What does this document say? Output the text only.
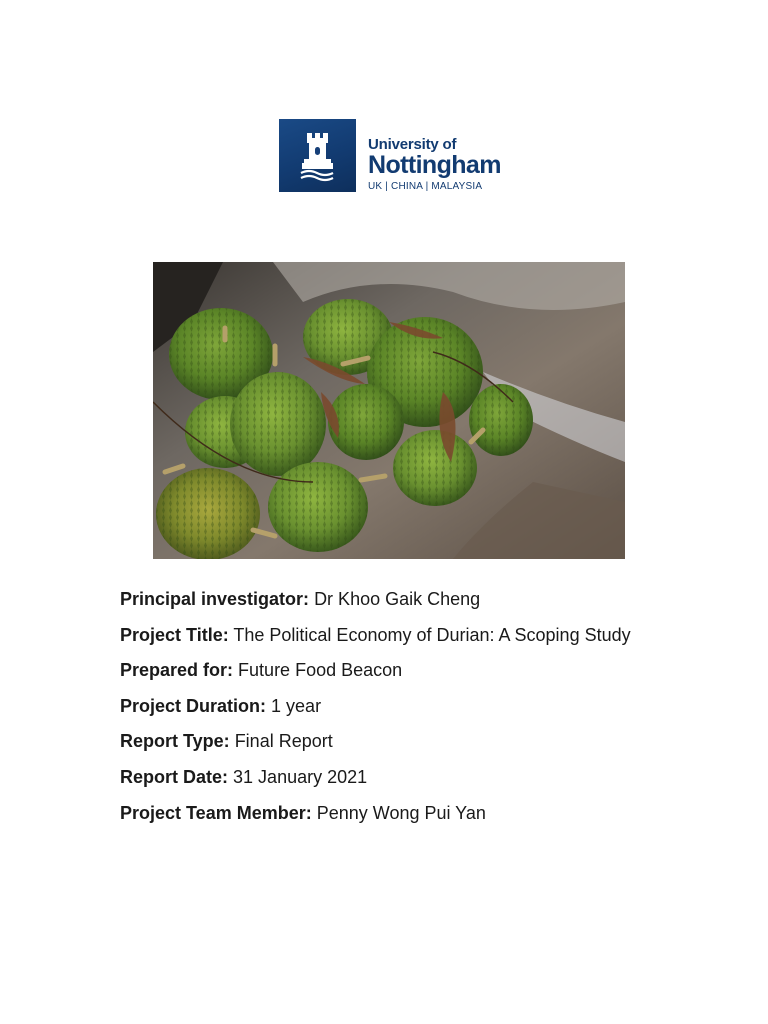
University of
Nottingham
UK | CHINA | MALAYSIA
Principal investigator: Dr Khoo Gaik Cheng
Project Title: The Political Economy of Durian: A Scoping Study
Prepared for: Future Food Beacon
Project Duration: 1 year
Report Type: Final Report
Report Date: 31 January 2021
Project Team Member: Penny Wong Pui Yan
